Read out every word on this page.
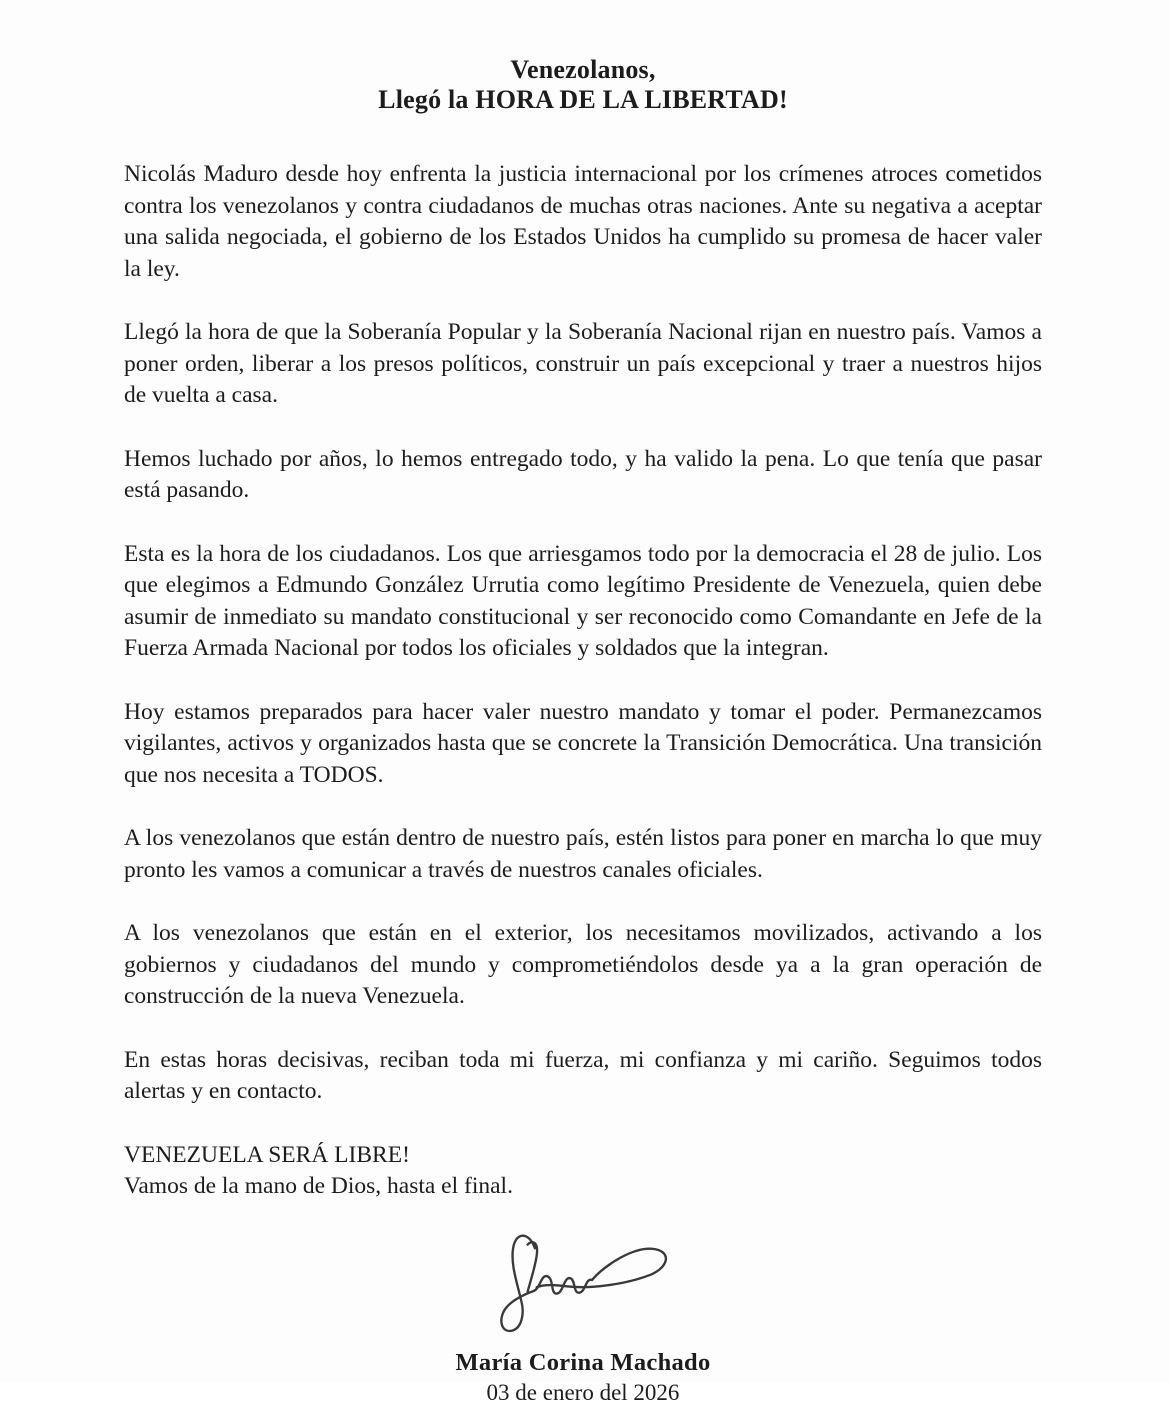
Venezolanos,
Llegó la HORA DE LA LIBERTAD!

Nicolás Maduro desde hoy enfrenta la justicia internacional por los crímenes atroces cometidos contra los venezolanos y contra ciudadanos de muchas otras naciones. Ante su negativa a aceptar una salida negociada, el gobierno de los Estados Unidos ha cumplido su promesa de hacer valer la ley.

Llegó la hora de que la Soberanía Popular y la Soberanía Nacional rijan en nuestro país. Vamos a poner orden, liberar a los presos políticos, construir un país excepcional y traer a nuestros hijos de vuelta a casa.

Hemos luchado por años, lo hemos entregado todo, y ha valido la pena. Lo que tenía que pasar está pasando.

Esta es la hora de los ciudadanos. Los que arriesgamos todo por la democracia el 28 de julio. Los que elegimos a Edmundo González Urrutia como legítimo Presidente de Venezuela, quien debe asumir de inmediato su mandato constitucional y ser reconocido como Comandante en Jefe de la Fuerza Armada Nacional por todos los oficiales y soldados que la integran.

Hoy estamos preparados para hacer valer nuestro mandato y tomar el poder. Permanezcamos vigilantes, activos y organizados hasta que se concrete la Transición Democrática. Una transición que nos necesita a TODOS.

A los venezolanos que están dentro de nuestro país, estén listos para poner en marcha lo que muy pronto les vamos a comunicar a través de nuestros canales oficiales.

A los venezolanos que están en el exterior, los necesitamos movilizados, activando a los gobiernos y ciudadanos del mundo y comprometiéndolos desde ya a la gran operación de construcción de la nueva Venezuela.

En estas horas decisivas, reciban toda mi fuerza, mi confianza y mi cariño. Seguimos todos alertas y en contacto.

VENEZUELA SERÁ LIBRE!
Vamos de la mano de Dios, hasta el final.

María Corina Machado
03 de enero del 2026
